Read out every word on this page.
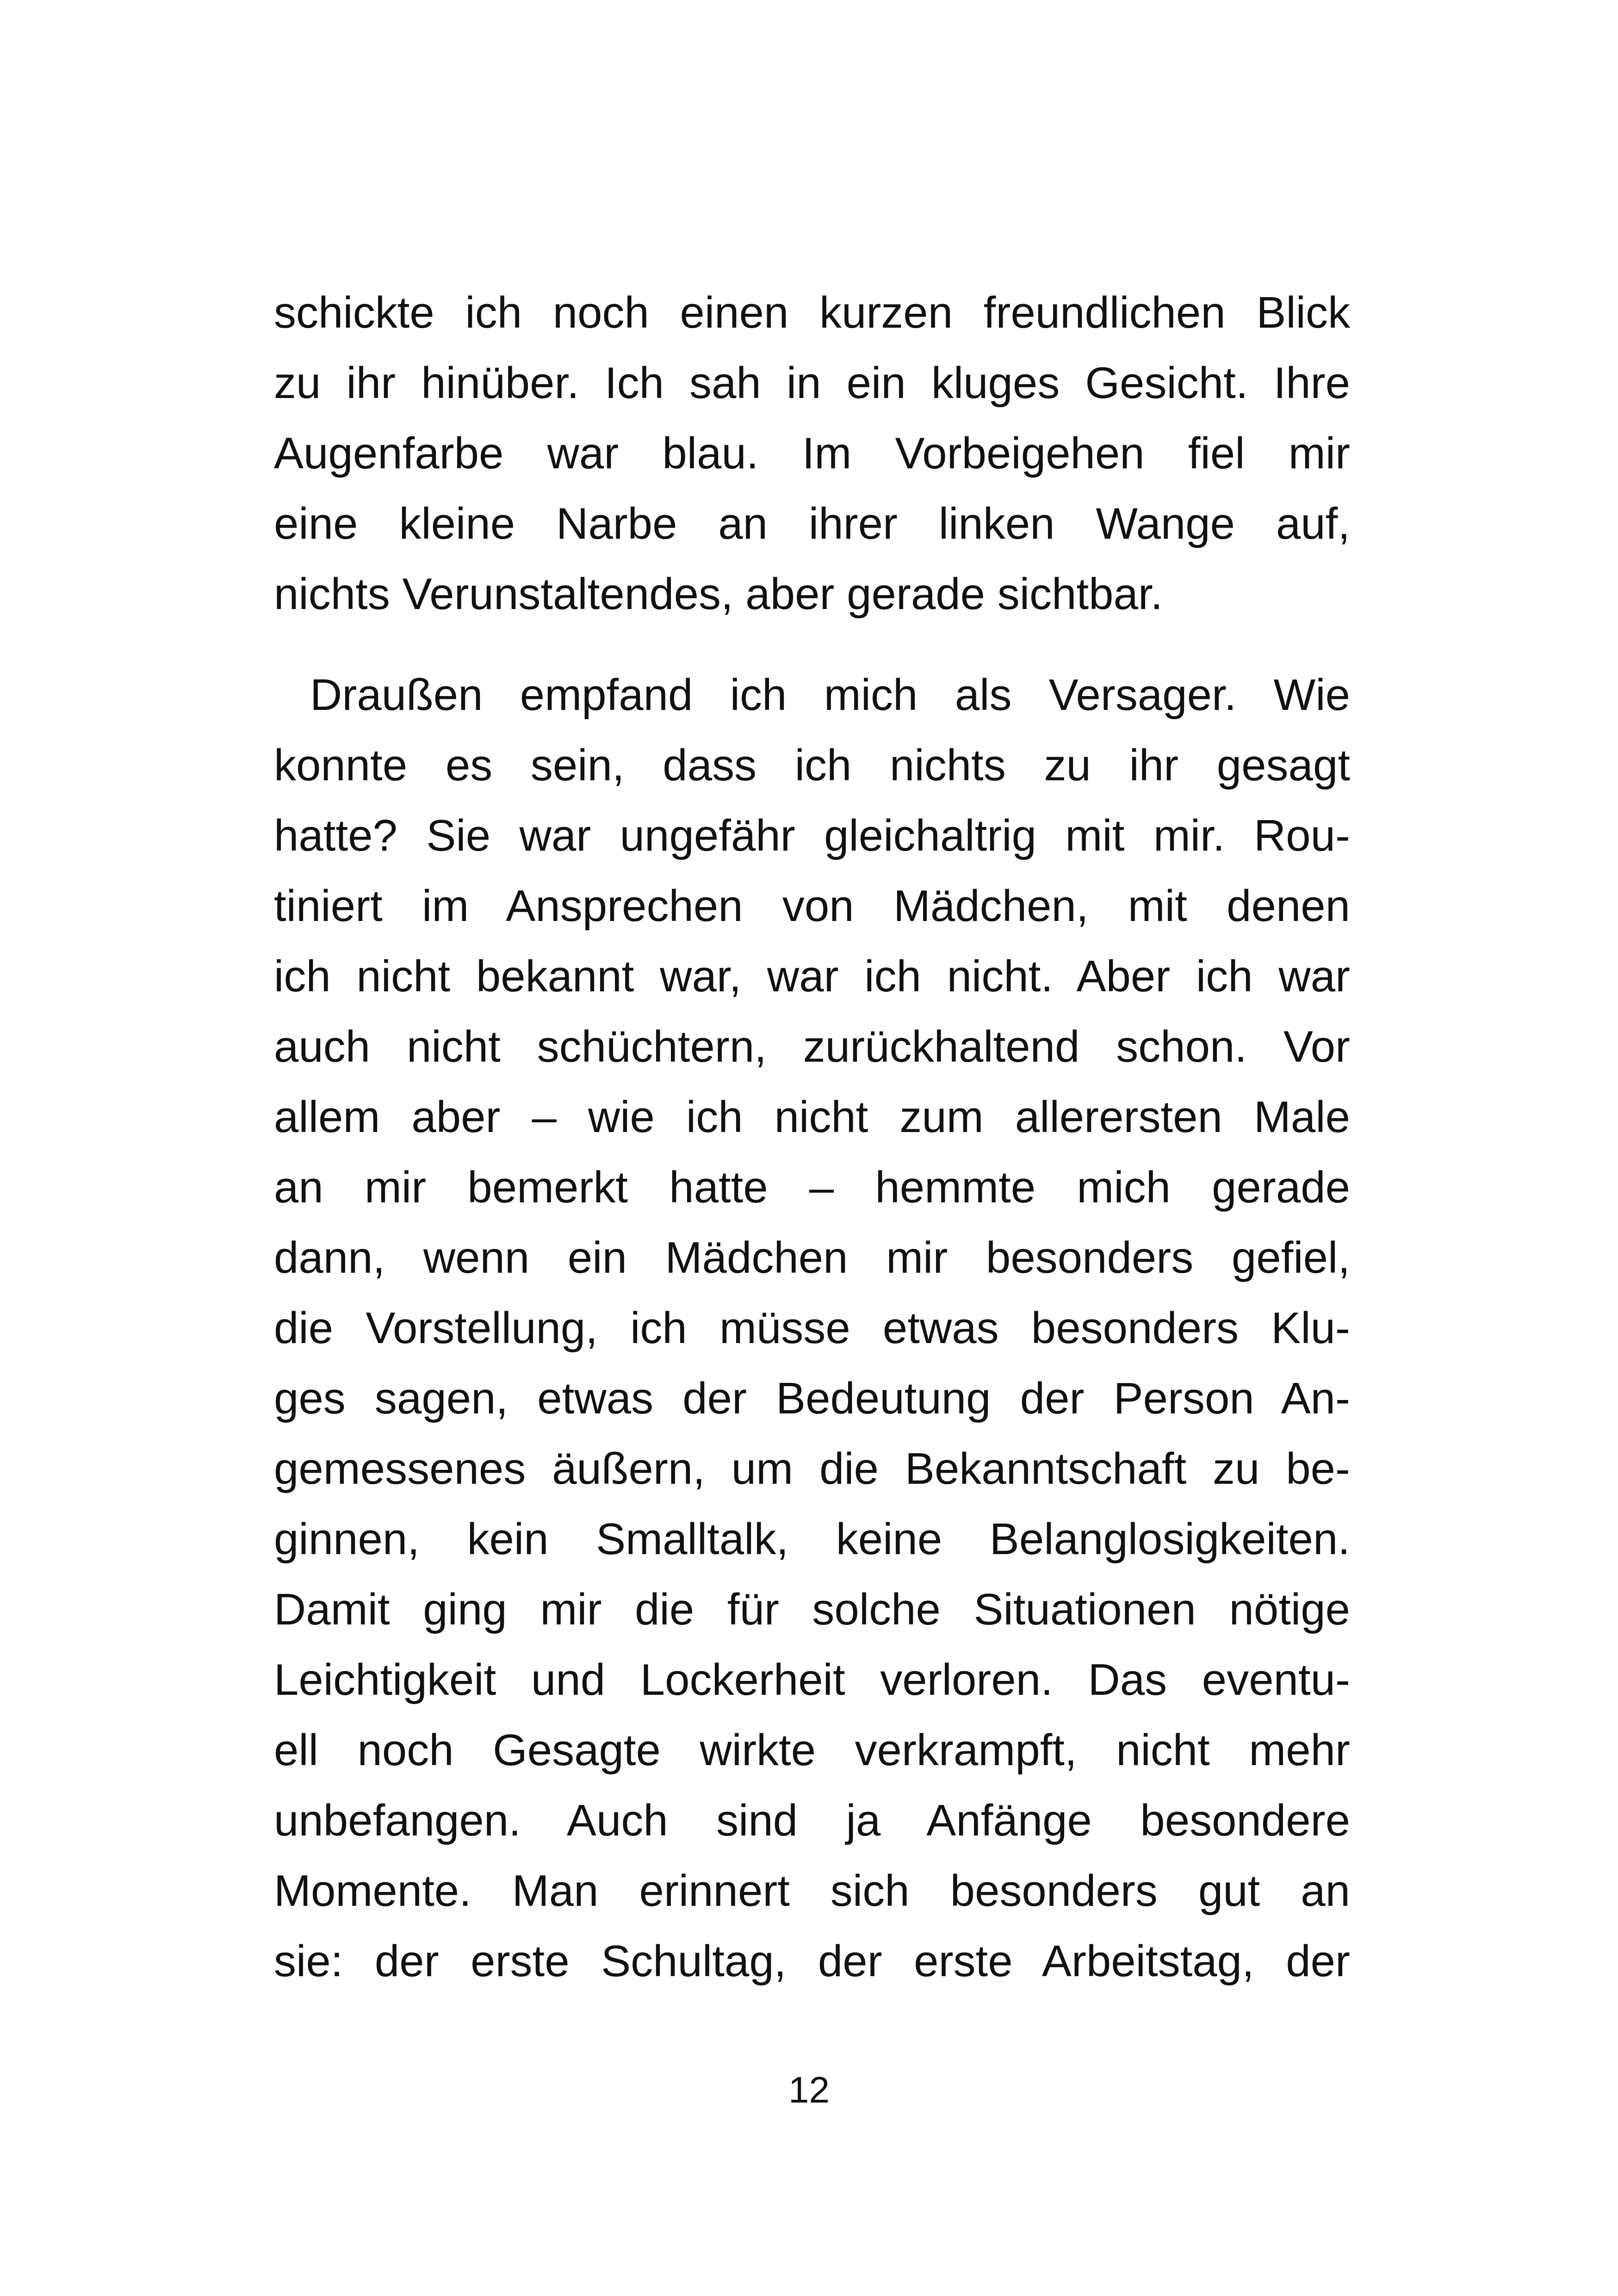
schickte ich noch einen kurzen freundlichen Blick
zu ihr hinüber. Ich sah in ein kluges Gesicht. Ihre
Augenfarbe war blau. Im Vorbeigehen fiel mir
eine kleine Narbe an ihrer linken Wange auf,
nichts Verunstaltendes, aber gerade sichtbar.
Draußen empfand ich mich als Versager. Wie
konnte es sein, dass ich nichts zu ihr gesagt
hatte? Sie war ungefähr gleichaltrig mit mir. Rou-
tiniert im Ansprechen von Mädchen, mit denen
ich nicht bekannt war, war ich nicht. Aber ich war
auch nicht schüchtern, zurückhaltend schon. Vor
allem aber – wie ich nicht zum allerersten Male
an mir bemerkt hatte – hemmte mich gerade
dann, wenn ein Mädchen mir besonders gefiel,
die Vorstellung, ich müsse etwas besonders Klu-
ges sagen, etwas der Bedeutung der Person An-
gemessenes äußern, um die Bekanntschaft zu be-
ginnen, kein Smalltalk, keine Belanglosigkeiten.
Damit ging mir die für solche Situationen nötige
Leichtigkeit und Lockerheit verloren. Das eventu-
ell noch Gesagte wirkte verkrampft, nicht mehr
unbefangen. Auch sind ja Anfänge besondere
Momente. Man erinnert sich besonders gut an
sie: der erste Schultag, der erste Arbeitstag, der
12
